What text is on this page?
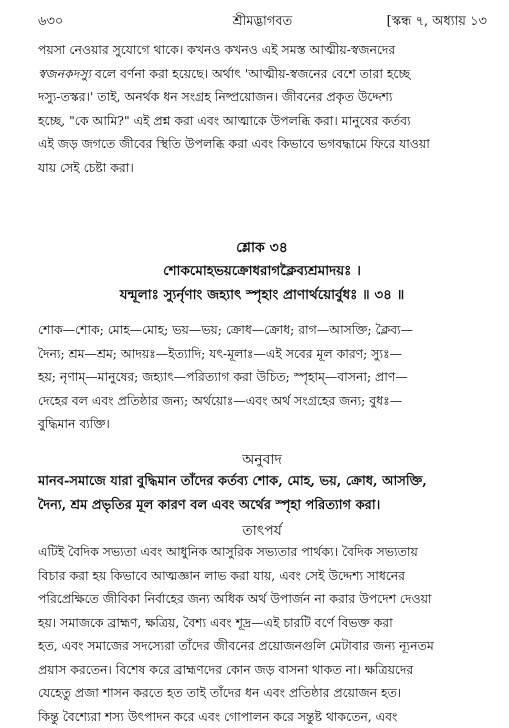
৬৩০	শ্রীমদ্ভাগবত	[স্কন্ধ ৭, অধ্যায় ১৩

পয়সা নেওয়ার সুযোগে থাকে। কখনও কখনও এই সমস্ত আত্মীয়-স্বজনদের

স্বজনকদস্যু বলে বর্ণনা করা হয়েছে। অর্থাৎ 'আত্মীয়-স্বজনের বেশে তারা হচ্ছে

দস্যু-তস্কর।' তাই, অনর্থক ধন সংগ্রহ নিষ্প্রয়োজন। জীবনের প্রকৃত উদ্দেশ্য

হচ্ছে, "কে আমি?" এই প্রশ্ন করা এবং আত্মাকে উপলব্ধি করা। মানুষের কর্তব্য

এই জড় জগতে জীবের স্থিতি উপলব্ধি করা এবং কিভাবে ভগবদ্ধামে ফিরে যাওয়া

যায় সেই চেষ্টা করা।

শ্লোক ৩৪

শোকমোহভয়ক্রোধরাগক্লৈব্যশ্রমাদয়ঃ ।

যন্মূলাঃ স্যুর্নৃণাং জহ্যাৎ স্পৃহাং প্রাণার্থয়োর্বুধঃ ॥ ৩৪ ॥

শোক—শোক; মোহ—মোহ; ভয়—ভয়; ক্রোধ—ক্রোধ; রাগ—আসক্তি; ক্লৈব্য—

দৈন্য; শ্রম—শ্রম; আদয়ঃ—ইত্যাদি; যৎ-মূলাঃ—এই সবের মূল কারণ; স্যুঃ—

হয়; নৃণাম্—মানুষের; জহ্যাৎ—পরিত্যাগ করা উচিত; স্পৃহাম্—বাসনা; প্রাণ—

দেহের বল এবং প্রতিষ্ঠার জন্য; অর্থয়োঃ—এবং অর্থ সংগ্রহের জন্য; বুধঃ—

বুদ্ধিমান ব্যক্তি।

অনুবাদ

মানব-সমাজে যারা বুদ্ধিমান তাঁদের কর্তব্য শোক, মোহ, ভয়, ক্রোধ, আসক্তি,

দৈন্য, শ্রম প্রভৃতির মূল কারণ বল এবং অর্থের স্পৃহা পরিত্যাগ করা।

তাৎপর্য

এটিই বৈদিক সভ্যতা এবং আধুনিক আসুরিক সভ্যতার পার্থক্য। বৈদিক সভ্যতায়

বিচার করা হয় কিভাবে আত্মজ্ঞান লাভ করা যায়, এবং সেই উদ্দেশ্য সাধনের

পরিপ্রেক্ষিতে জীবিকা নির্বাহের জন্য অধিক অর্থ উপার্জন না করার উপদেশ দেওয়া

হয়। সমাজকে ব্রাহ্মণ, ক্ষত্রিয়, বৈশ্য এবং শূদ্র—এই চারটি বর্ণে বিভক্ত করা

হত, এবং সমাজের সদস্যেরা তাঁদের জীবনের প্রয়োজনগুলি মেটাবার জন্য ন্যূনতম

প্রয়াস করতেন। বিশেষ করে ব্রাহ্মণদের কোন জড় বাসনা থাকত না। ক্ষত্রিয়দের

যেহেতু প্রজা শাসন করতে হত তাই তাঁদের ধন এবং প্রতিষ্ঠার প্রয়োজন হত।

কিন্তু বৈশ্যেরা শস্য উৎপাদন করে এবং গোপালন করে সন্তুষ্ট থাকতেন, এবং
